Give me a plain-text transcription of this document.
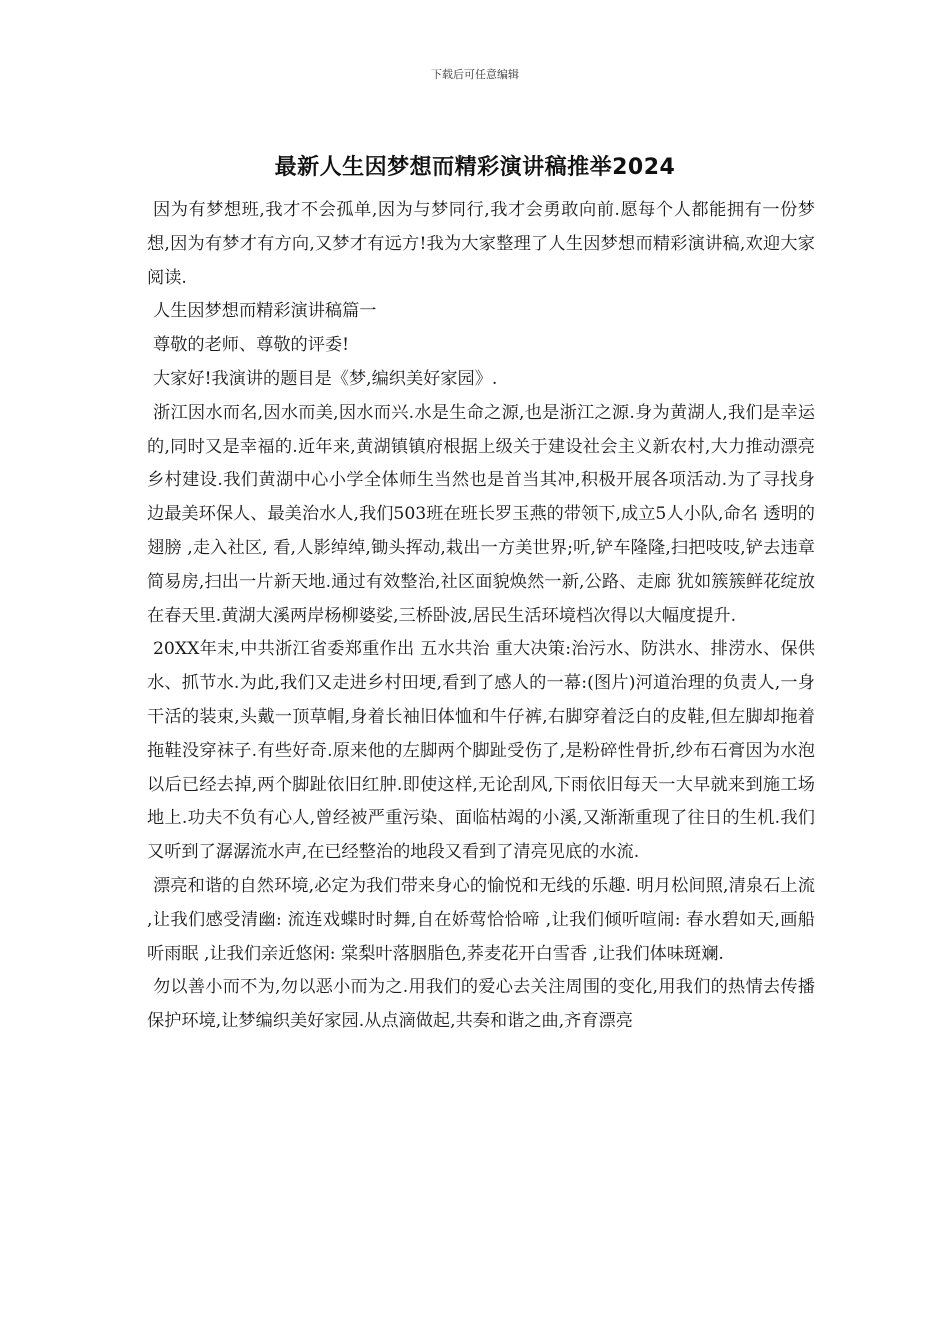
下载后可任意编辑
最新人生因梦想而精彩演讲稿推举2024

因为有梦想班,我才不会孤单,因为与梦同行,我才会勇敢向前.愿每个人都能拥有一份梦想,因为有梦才有方向,又梦才有远方!我为大家整理了人生因梦想而精彩演讲稿,欢迎大家阅读.

人生因梦想而精彩演讲稿篇一

尊敬的老师、尊敬的评委!

大家好!我演讲的题目是《梦,编织美好家园》.

浙江因水而名,因水而美,因水而兴.水是生命之源,也是浙江之源.身为黄湖人,我们是幸运的,同时又是幸福的.近年来,黄湖镇镇府根据上级关于建设社会主义新农村,大力推动漂亮乡村建设.我们黄湖中心小学全体师生当然也是首当其冲,积极开展各项活动.为了寻找身边最美环保人、最美治水人,我们503班在班长罗玉燕的带领下,成立5人小队,命名 透明的翅膀 ,走入社区, 看,人影绰绰,锄头挥动,栽出一方美世界;听,铲车隆隆,扫把吱吱,铲去违章简易房,扫出一片新天地.通过有效整治,社区面貌焕然一新,公路、走廊 犹如簇簇鲜花绽放在春天里.黄湖大溪两岸杨柳婆娑,三桥卧波,居民生活环境档次得以大幅度提升.

20XX年末,中共浙江省委郑重作出 五水共治 重大决策:治污水、防洪水、排涝水、保供水、抓节水.为此,我们又走进乡村田埂,看到了感人的一幕:(图片)河道治理的负责人,一身干活的装束,头戴一顶草帽,身着长袖旧体恤和牛仔裤,右脚穿着泛白的皮鞋,但左脚却拖着拖鞋没穿袜子.有些好奇.原来他的左脚两个脚趾受伤了,是粉碎性骨折,纱布石膏因为水泡以后已经去掉,两个脚趾依旧红肿.即使这样,无论刮风,下雨依旧每天一大早就来到施工场地上.功夫不负有心人,曾经被严重污染、面临枯竭的小溪,又渐渐重现了往日的生机.我们又听到了潺潺流水声,在已经整治的地段又看到了清亮见底的水流.

漂亮和谐的自然环境,必定为我们带来身心的愉悦和无线的乐趣. 明月松间照,清泉石上流 ,让我们感受清幽: 流连戏蝶时时舞,自在娇莺恰恰啼 ,让我们倾听喧闹: 春水碧如天,画船听雨眠 ,让我们亲近悠闲: 棠梨叶落胭脂色,荞麦花开白雪香 ,让我们体味斑斓.

勿以善小而不为,勿以恶小而为之.用我们的爱心去关注周围的变化,用我们的热情去传播保护环境,让梦编织美好家园.从点滴做起,共奏和谐之曲,齐育漂亮
